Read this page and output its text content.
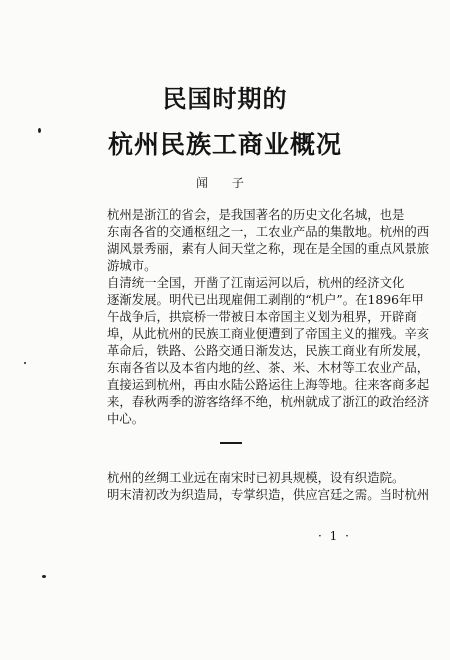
民国时期的
杭州民族工商业概况
闻 子
杭州是浙江的省会，是我国著名的历史文化名城，也是
东南各省的交通枢纽之一，工农业产品的集散地。杭州的西
湖风景秀丽，素有人间天堂之称，现在是全国的重点风景旅
游城市。
自清统一全国，开凿了江南运河以后，杭州的经济文化
逐渐发展。明代已出现雇佣工剥削的“机户”。在1896年甲
午战争后，拱宸桥一带被日本帝国主义划为租界，开辟商
埠，从此杭州的民族工商业便遭到了帝国主义的摧残。辛亥
革命后，铁路、公路交通日渐发达，民族工商业有所发展，
东南各省以及本省内地的丝、茶、米、木材等工农业产品，
直接运到杭州，再由水陆公路运往上海等地。往来客商多起
来，春秋两季的游客络绎不绝，杭州就成了浙江的政治经济
中心。
杭州的丝绸工业远在南宋时已初具规模，设有织造院。
明末清初改为织造局，专掌织造，供应宫廷之需。当时杭州
· 1 ·
